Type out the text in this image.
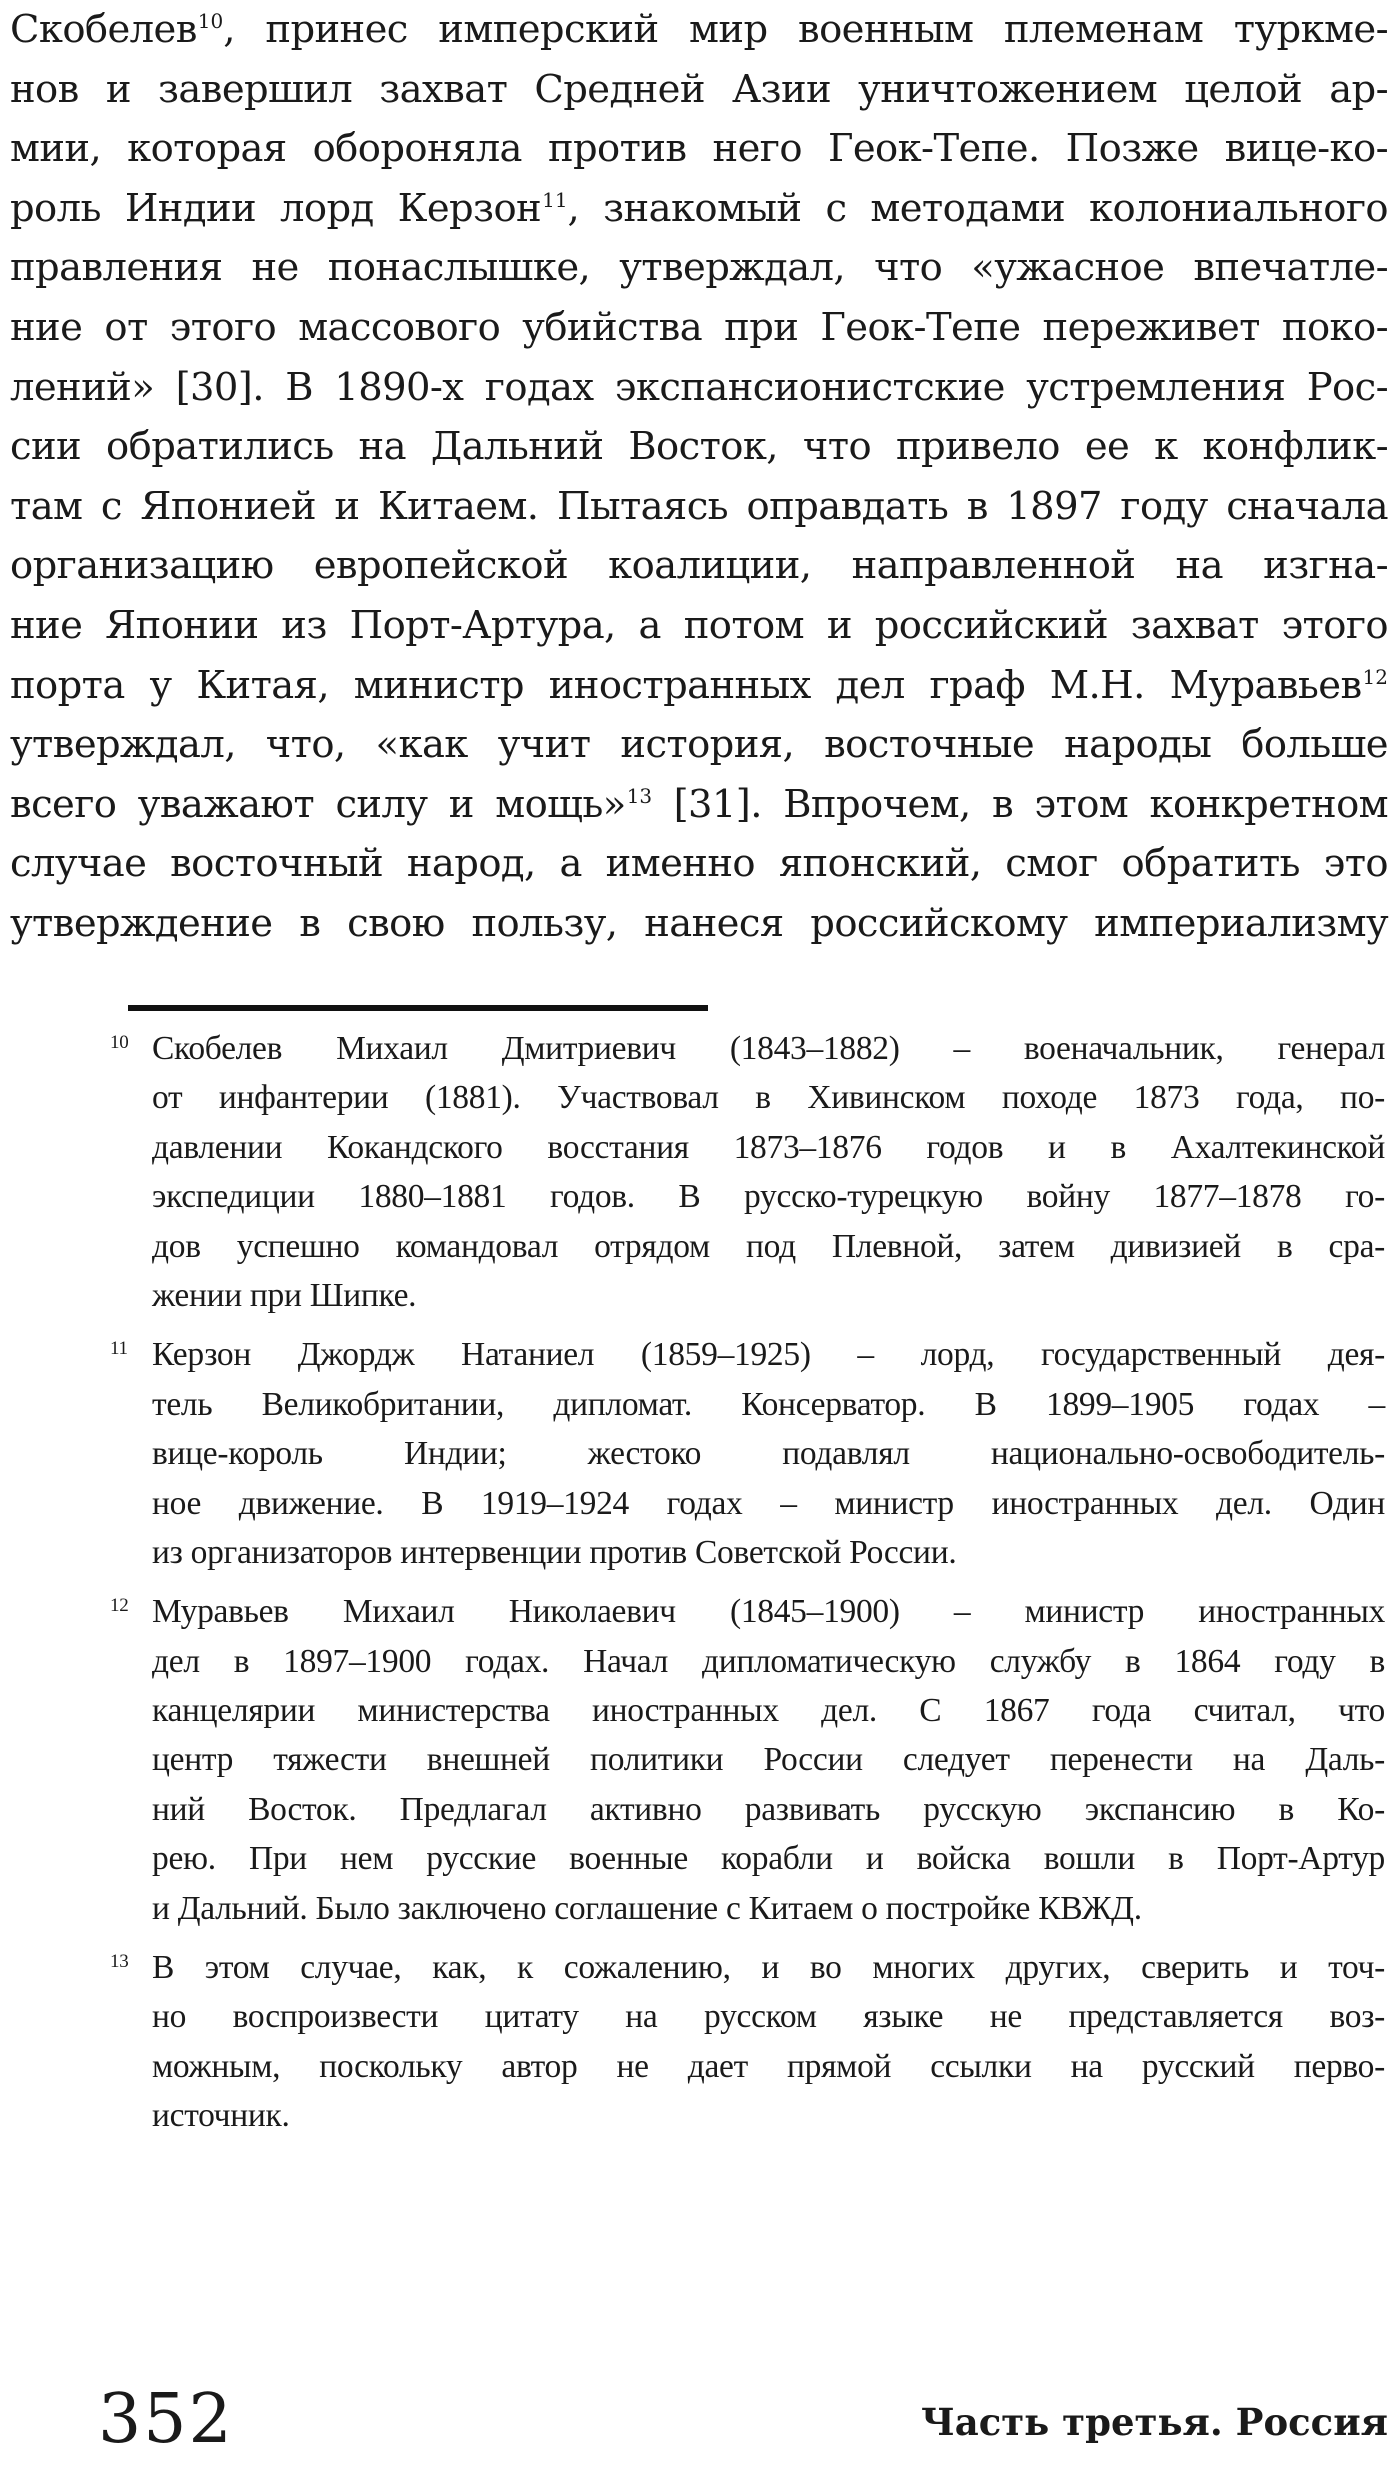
Скобелев$^{10}$, принес имперский мир военным племенам туркме-
нов и завершил захват Средней Азии уничтожением целой ар-
мии, которая обороняла против него Геок-Тепе. Позже вице-ко-
роль Индии лорд Керзон$^{11}$, знакомый с методами колониального
правления не понаслышке, утверждал, что «ужасное впечатле-
ние от этого массового убийства при Геок-Тепе переживет поко-
лений» [30]. В 1890-х годах экспансионистские устремления Рос-
сии обратились на Дальний Восток, что привело ее к конфлик-
там с Японией и Китаем. Пытаясь оправдать в 1897 году сначала
организацию европейской коалиции, направленной на изгна-
ние Японии из Порт-Артура, а потом и российский захват этого
порта у Китая, министр иностранных дел граф М.Н. Муравьев$^{12}$
утверждал, что, «как учит история, восточные народы больше
всего уважают силу и мощь»$^{13}$ [31]. Впрочем, в этом конкретном
случае восточный народ, а именно японский, смог обратить это
утверждение в свою пользу, нанеся российскому империализму
10 Скобелев Михаил Дмитриевич (1843–1882) – военачальник, генерал
от инфантерии (1881). Участвовал в Хивинском походе 1873 года, по-
давлении Кокандского восстания 1873–1876 годов и в Ахалтекинской
экспедиции 1880–1881 годов. В русско-турецкую войну 1877–1878 го-
дов успешно командовал отрядом под Плевной, затем дивизией в сра-
жении при Шипке.
11 Керзон Джордж Натаниел (1859–1925) – лорд, государственный дея-
тель Великобритании, дипломат. Консерватор. В 1899–1905 годах –
вице-король Индии; жестоко подавлял национально-освободитель-
ное движение. В 1919–1924 годах – министр иностранных дел. Один
из организаторов интервенции против Советской России.
12 Муравьев Михаил Николаевич (1845–1900) – министр иностранных
дел в 1897–1900 годах. Начал дипломатическую службу в 1864 году в
канцелярии министерства иностранных дел. С 1867 года считал, что
центр тяжести внешней политики России следует перенести на Даль-
ний Восток. Предлагал активно развивать русскую экспансию в Ко-
рею. При нем русские военные корабли и войска вошли в Порт-Артур
и Дальний. Было заключено соглашение с Китаем о постройке КВЖД.
13 В этом случае, как, к сожалению, и во многих других, сверить и точ-
но воспроизвести цитату на русском языке не представляется воз-
можным, поскольку автор не дает прямой ссылки на русский перво-
источник.
352	Часть третья. Россия
